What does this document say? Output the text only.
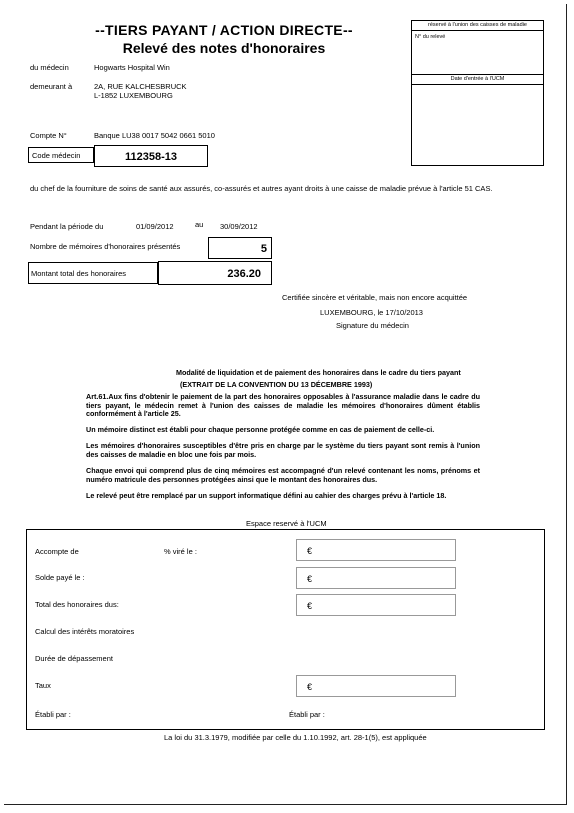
--TIERS PAYANT / ACTION DIRECTE--
Relevé des notes d'honoraires
réservé à l'union des caisses de maladie
N° du relevé
Date d'entrée à l'UCM
du médecin	Hogwarts Hospital Win
demeurant à	2A, RUE KALCHESBRUCK
L-1852 LUXEMBOURG
Compte N°	Banque LU38 0017 5042 0661 5010
Code médecin	112358-13
du chef de la fourniture de soins de santé aux assurés, co-assurés et autres ayant droits à une caisse de maladie prévue à l'article 51 CAS.
Pendant la période du	01/09/2012	au 30/09/2012
Nombre de mémoires d'honoraires présentés	5
Montant total des honoraires	236.20
Certifiée sincère et véritable, mais non encore acquittée
LUXEMBOURG, le 17/10/2013
Signature du médecin
Modalité de liquidation et de paiement des honoraires dans le cadre du tiers payant
(EXTRAIT DE LA CONVENTION DU 13 DÉCEMBRE 1993)
Art.61.Aux fins d'obtenir le paiement de la part des honoraires opposables à l'assurance maladie dans le cadre du tiers payant, le médecin remet à l'union des caisses de maladie les mémoires d'honoraires dûment établis conformément à l'article 25.
Un mémoire distinct est établi pour chaque personne protégée comme en cas de paiement de celle-ci.
Les mémoires d'honoraires susceptibles d'être pris en charge par le système du tiers payant sont remis à l'union des caisses de maladie en bloc une fois par mois.
Chaque envoi qui comprend plus de cinq mémoires est accompagné d'un relevé contenant les noms, prénoms et numéro matricule des personnes protégées ainsi que le montant des honoraires dus.
Le relevé peut être remplacé par un support informatique défini au cahier des charges prévu à l'article 18.
Espace reservé à l'UCM
Accompte de	% viré le :	€
Solde payé le :	€
Total des honoraires dus:	€
Calcul des intérêts moratoires
Durée de dépassement
Taux	€
Établi par :	Établi par :
La loi du 31.3.1979, modifiée par celle du 1.10.1992, art. 28-1(5), est appliquée
